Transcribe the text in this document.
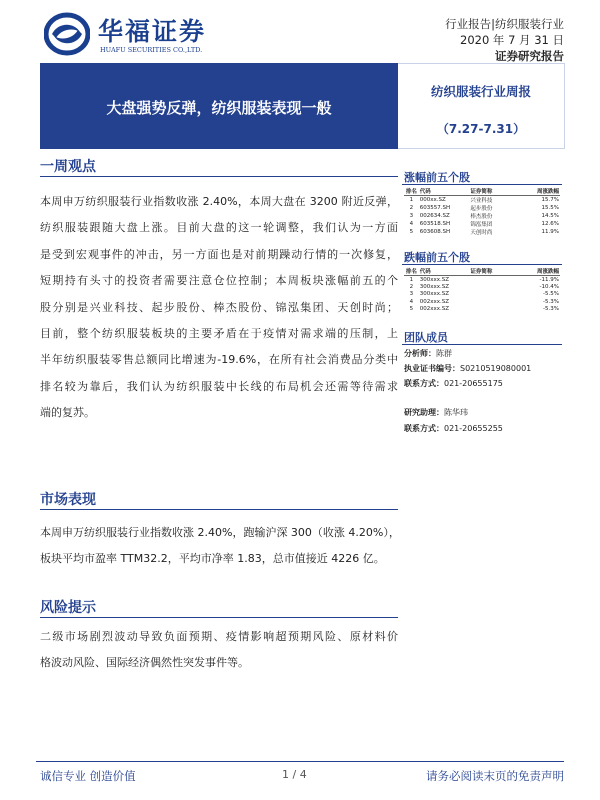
华福证券
HUAFU SECURITIES CO.,LTD.
行业报告|纺织服装行业
2020 年 7 月 31 日
证券研究报告
大盘强势反弹，纺织服装表现一般
纺织服装行业周报
（7.27-7.31）
一周观点
本周申万纺织服装行业指数收涨 2.40%，本周大盘在 3200 附近反弹，
纺织服装跟随大盘上涨。目前大盘的这一轮调整，我们认为一方面
是受到宏观事件的冲击，另一方面也是对前期躁动行情的一次修复，
短期持有头寸的投资者需要注意仓位控制；本周板块涨幅前五的个
股分别是兴业科技、起步股份、棒杰股份、锦泓集团、天创时尚；
目前，整个纺织服装板块的主要矛盾在于疫情对需求端的压制，上
半年纺织服装零售总额同比增速为-19.6%，在所有社会消费品分类中
排名较为靠后，我们认为纺织服装中长线的布局机会还需等待需求
端的复苏。
市场表现
本周申万纺织服装行业指数收涨 2.40%，跑输沪深 300（收涨 4.20%），
板块平均市盈率 TTM32.2，平均市净率 1.83，总市值接近 4226 亿。
风险提示
二级市场剧烈波动导致负面预期、疫情影响超预期风险、原材料价
格波动风险、国际经济偶然性突发事件等。
涨幅前五个股
排名	代码	证券简称	周涨跌幅
1	000xx.SZ	兴业科技	15.7%
2	603557.SH	起步股份	15.5%
3	002634.SZ	棒杰股份	14.5%
4	603518.SH	锦泓集团	12.6%
5	603608.SH	天创时尚	11.9%
跌幅前五个股
排名	代码	证券简称	周涨跌幅
1	300xxx.SZ		-11.9%
2	300xxx.SZ		-10.4%
3	300xxx.SZ		-5.5%
4	002xxx.SZ		-5.3%
5	002xxx.SZ		-5.3%
团队成员
分析师：陈群
执业证书编号：S0210519080001
联系方式：021-20655175
研究助理：陈华玮
联系方式：021-20655255
诚信专业 创造价值	1 / 4	请务必阅读末页的免责声明
